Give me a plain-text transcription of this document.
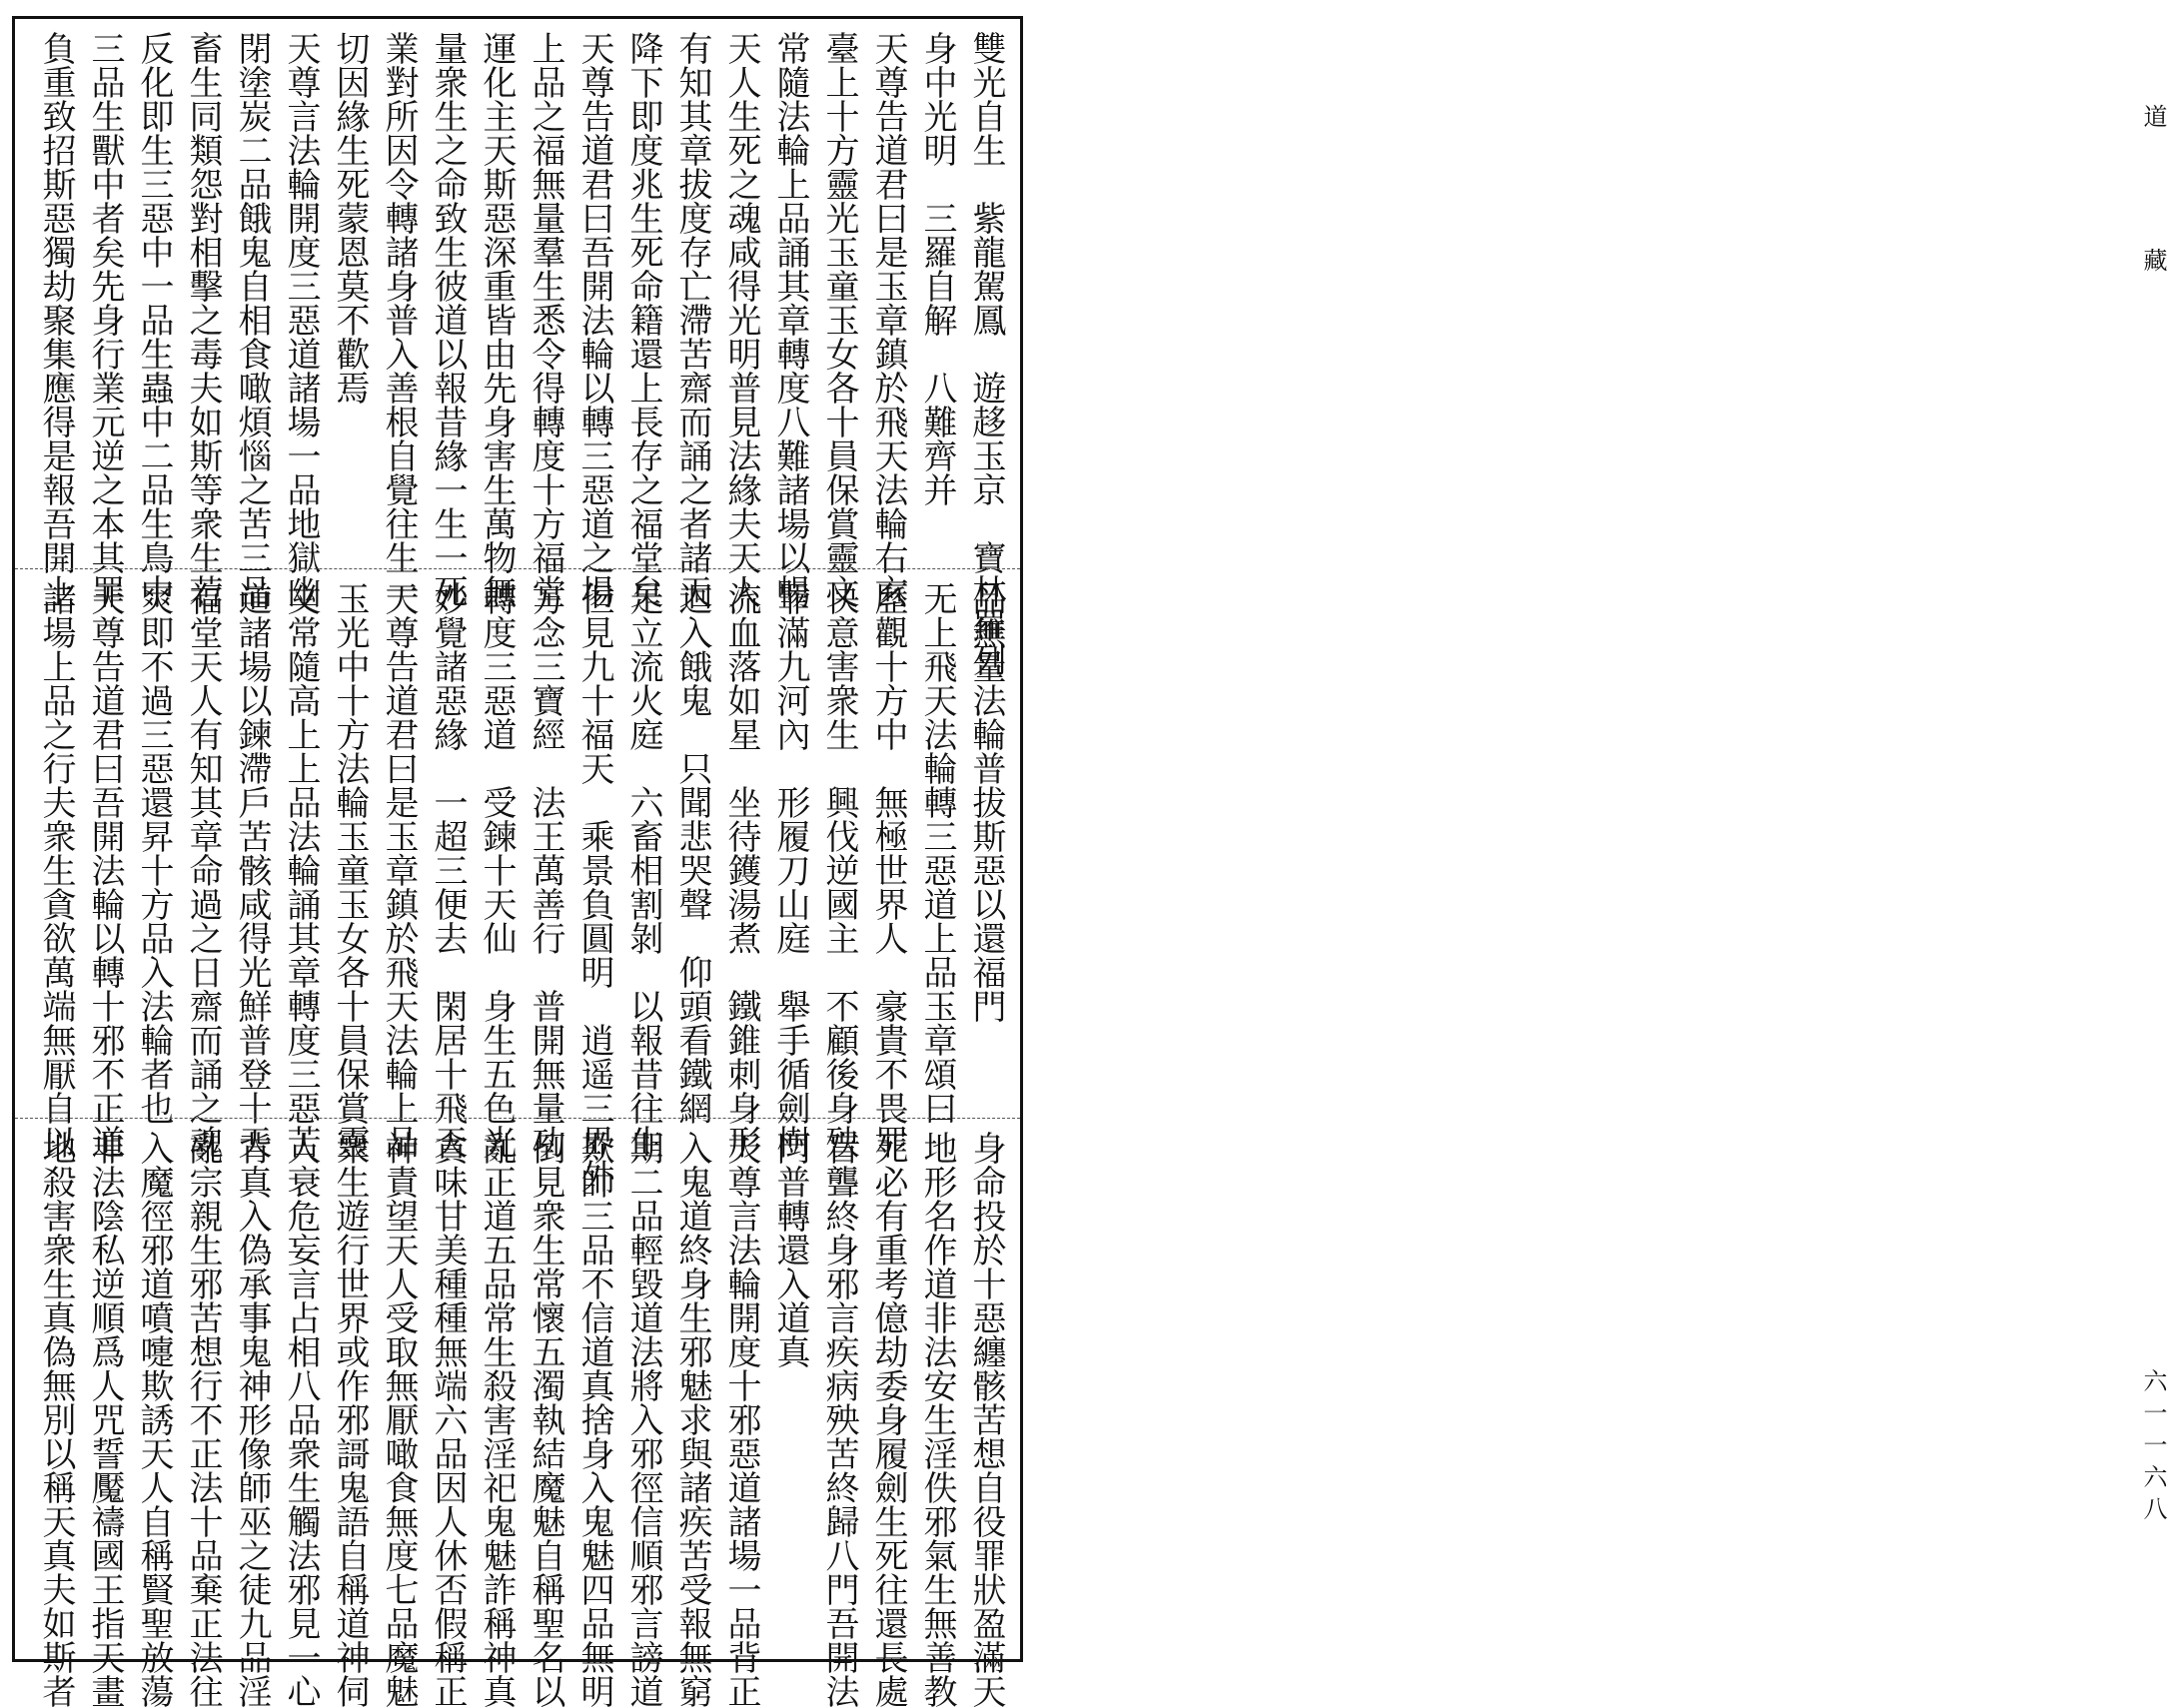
雙光自生　紫龍駕鳳　遊趍玉京　寶林羅列
身中光明　三羅自解　八難齊并
天尊告道君曰是玉章鎮於飛天法輪右玄
臺上十方靈光玉童玉女各十員保賞靈文
常隨法輪上品誦其章轉度八難諸場以暢
天人生死之魂咸得光明普見法緣夫天人
有知其章拔度存亡滯苦齋而誦之者諸天
降下即度兆生死命籍還上長存之福堂矣
天尊告道君曰吾開法輪以轉三惡道之場
上品之福無量羣生悉令得轉度十方福堂
運化主天斯惡深重皆由先身害生萬物無
量衆生之命致生彼道以報昔緣一生一死
業對所因令轉諸身普入善根自覺往生一
切因緣生死蒙恩莫不歡焉
天尊言法輪開度三惡道諸場一品地獄幽
閉塗炭二品餓鬼自相食噉煩惱之苦三品
畜生同類怨對相擊之毒夫如斯等衆生若
反化即生三惡中一品生蟲中二品生鳥中
三品生獸中者矣先身行業元逆之本其罪
負重致招斯惡獨劫聚集應得是報吾開上
品無量法輪普拔斯惡以還福門
无上飛天法輪轉三惡道上品玉章頌曰
歷觀十方中　無極世界人　豪貴不畏罪
快意害衆生　興伐逆國主　不顧後身殃
罪滿九河內　形履刀山庭　舉手循劍樹
流血落如星　坐待鑊湯煮　鐵錐刺身形
迴入餓鬼　只聞悲哭聲　仰頭看鐵網
足立流火庭　六畜相割剝　以報昔往生
但見九十福天　乘景負圓明　逍遥三界外
方念三寶經　法王萬善行　普開無量功
轉度三惡道　受鍊十天仙　身生五色光
妙覺諸惡緣　一超三便去　閑居十飛天
天尊告道君曰是玉章鎮於飛天法輪上品
玉光中十方法輪玉童玉女各十員保賞靈
文常隨高上上品法輪誦其章轉度三惡苦
道諸場以鍊滯戶苦骸咸得光鮮普登十天
福堂天人有知其章命過之日齋而誦之魂
爽即不過三惡還昇十方品入法輪者也
天尊告道君曰吾開法輪以轉十邪不正道
諸場上品之行夫衆生貪欲萬端無厭自以
身命投於十惡纏骸苦想自役罪狀盈滿天
地形名作道非法安生淫佚邪氣生無善教
死必有重考億劫委身履劍生死往還長處
盲聾終身邪言疾病殃苦終歸八門吾開法
門普轉還入道真
天尊言法輪開度十邪惡道諸場一品背正
入鬼道終身生邪魅求與諸疾苦受報無窮
期二品輕毀道法將入邪徑信順邪言謗道
欺師三品不信道真捨身入鬼魅四品無明
倒見衆生常懷五濁執結魔魅自稱聖名以
亂正道五品常生殺害淫祀鬼魅詐稱神真
貪味甘美種種無端六品因人休否假稱正
神責望天人受取無厭噉食無度七品魔魅
衆生遊行世界或作邪謌鬼語自稱道神伺
人衰危妄言占相八品衆生觸法邪見一心
背真入偽承事鬼神形像師巫之徒九品淫
亂宗親生邪苦想行不正法十品棄正法往
入魔徑邪道噴嚏欺誘天人自稱賢聖放蕩
非法陰私逆順爲人咒誓魘禱國王指天畫
地殺害衆生真偽無別以稱天真夫如斯者
道藏
六一一六八
